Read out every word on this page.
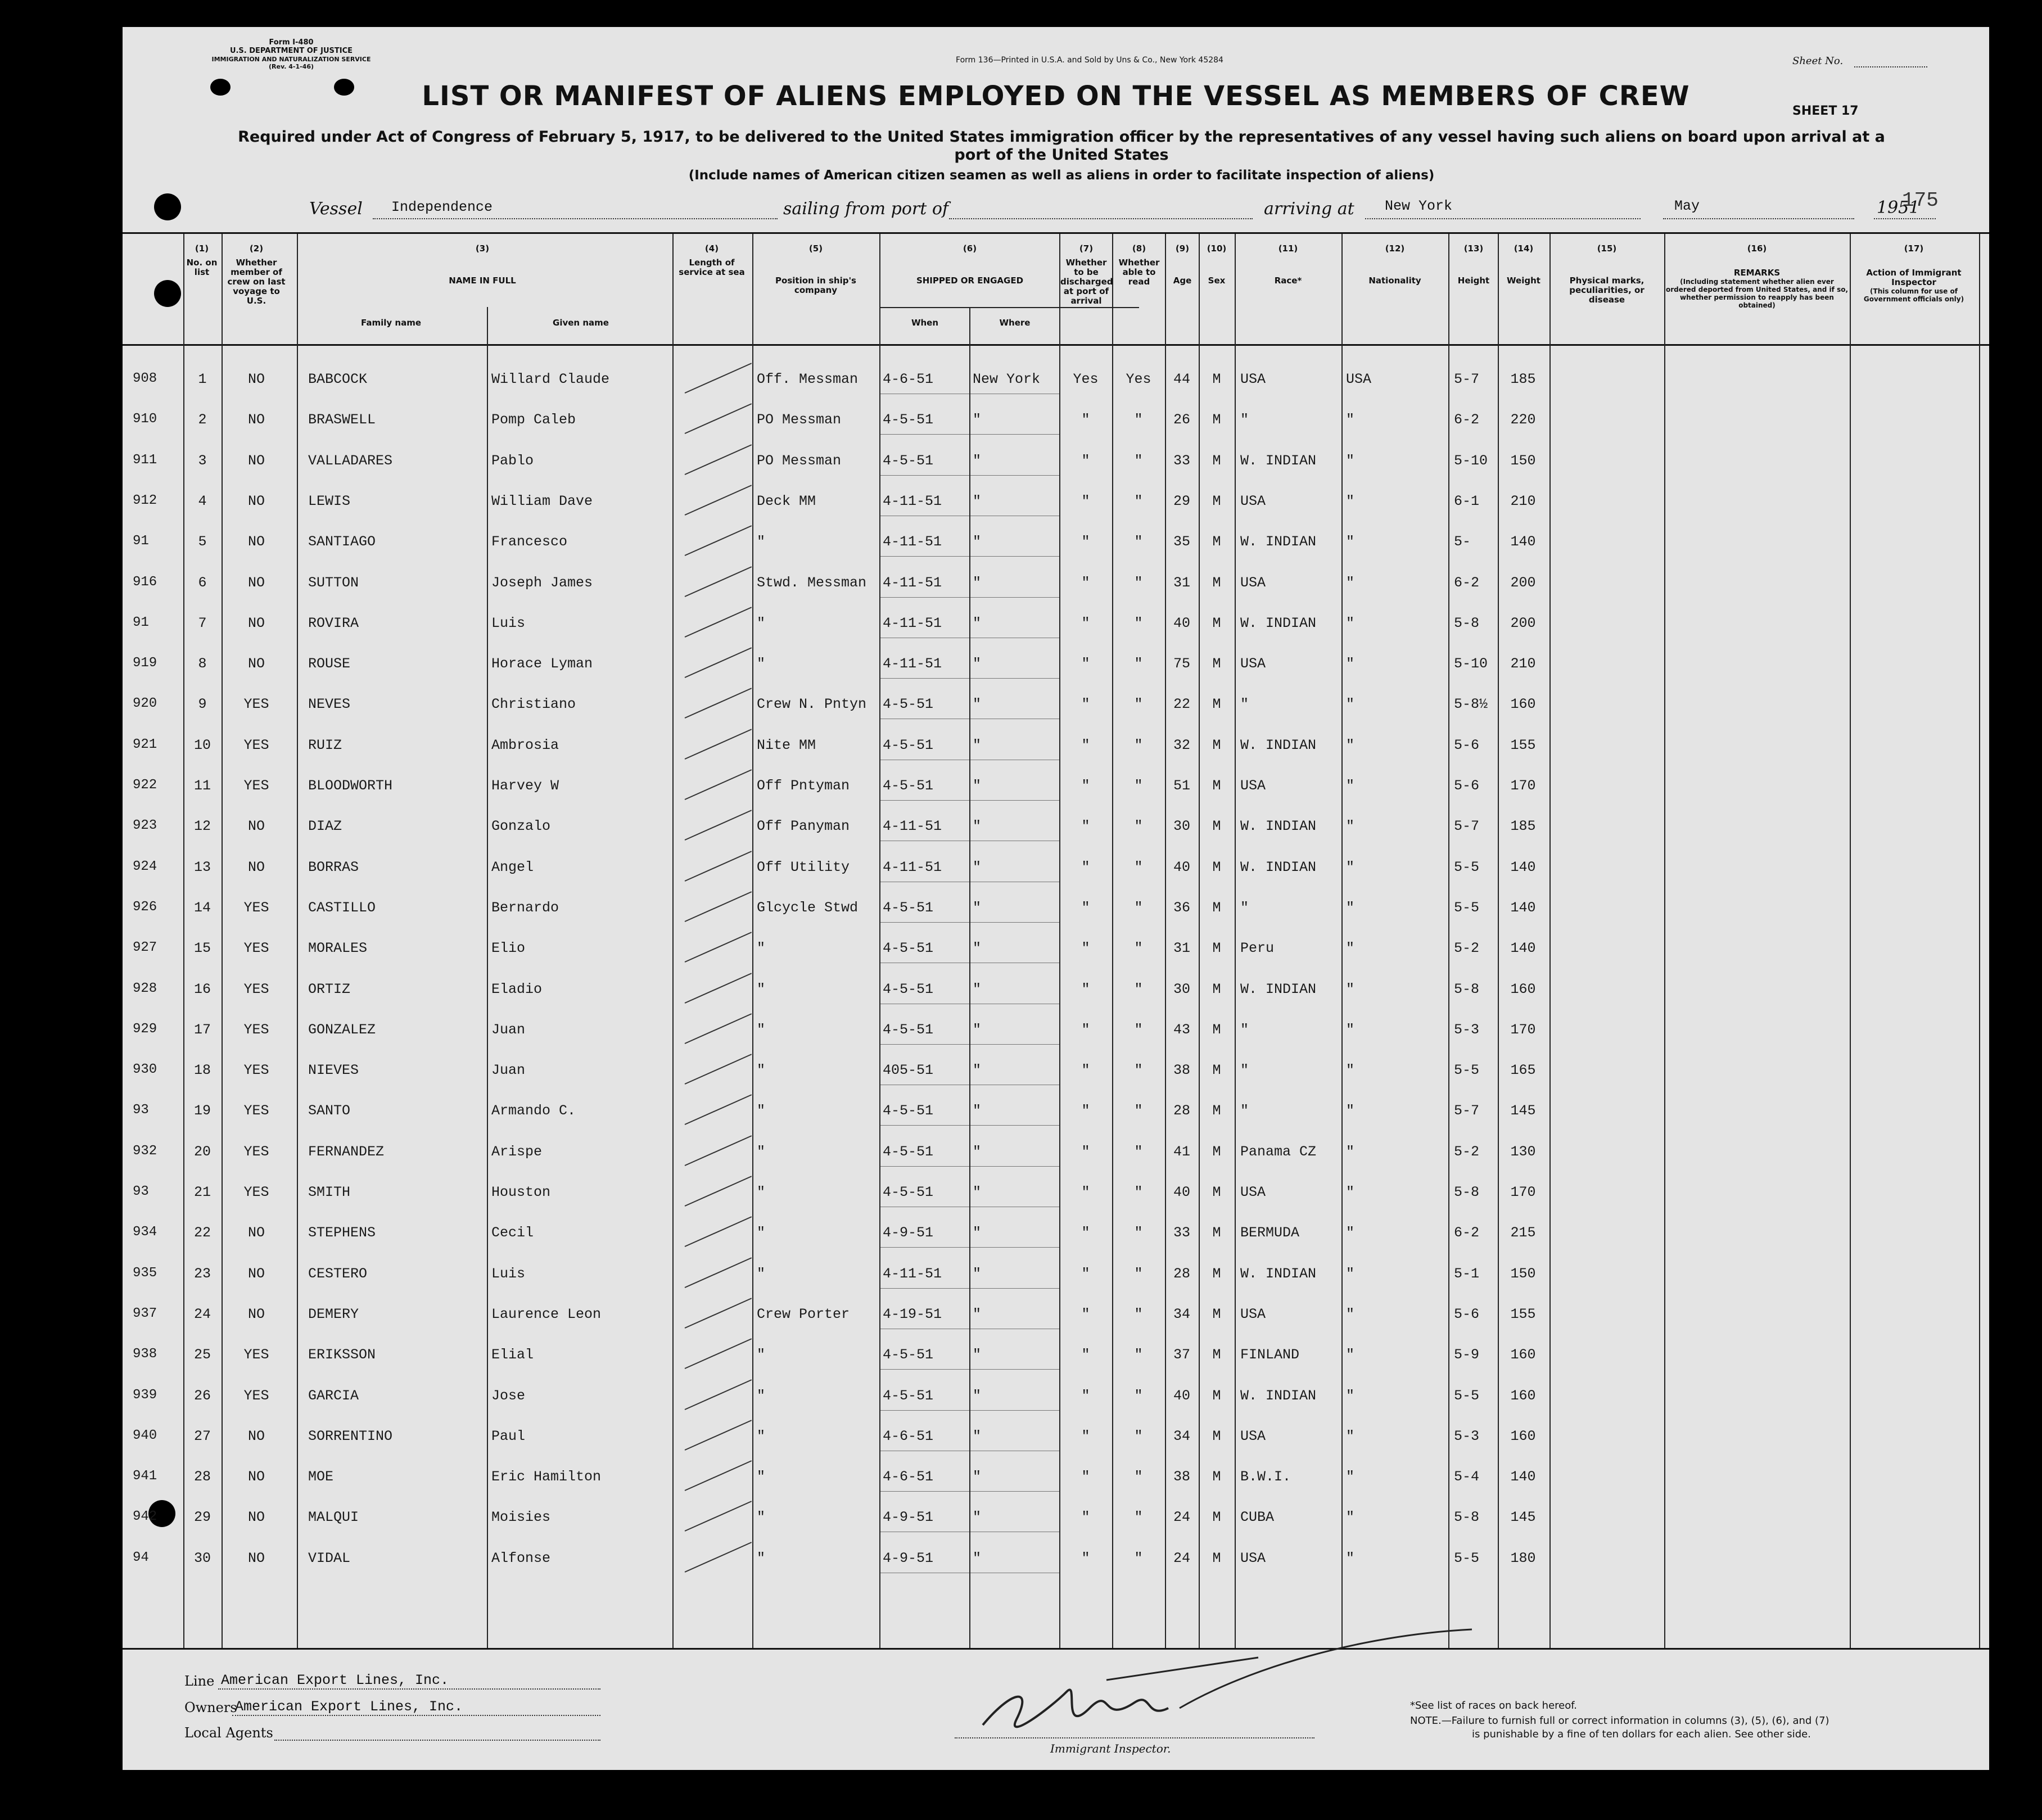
Form I-480
U.S. DEPARTMENT OF JUSTICE
IMMIGRATION AND NATURALIZATION SERVICE
(Rev. 4-1-46)
Form 136—Printed in U.S.A. and Sold by Uns & Co., New York 45284	Sheet No.
SHEET 17
175
LIST OR MANIFEST OF ALIENS EMPLOYED ON THE VESSEL AS MEMBERS OF CREW
Required under Act of Congress of February 5, 1917, to be delivered to the United States immigration officer by the representatives of any vessel having such aliens on board upon arrival at a
port of the United States
(Include names of American citizen seamen as well as aliens in order to facilitate inspection of aliens)
Vessel Independence	sailing from port of	arriving at New York	May	1951
(1)
No. on list
(2)
Whether member of crew on last voyage to U.S.
(3)
NAME IN FULL
Family name	Given name
(4)
Length of service at sea
(5)
Position in ship's company
(6)
SHIPPED OR ENGAGED
When	Where
(7)
Whether to be discharged at port of arrival
(8)
Whether able to read
(9)
Age
(10)
Sex
(11)
Race*
(12)
Nationality
(13)
Height
(14)
Weight
(15)
Physical marks, peculiarities, or disease
(16)
REMARKS
(Including statement whether alien ever ordered deported from United States, and if so, whether permission to reapply has been obtained)
(17)
Action of Immigrant Inspector
(This column for use of Government officials only)
908	1	NO	BABCOCK	Willard Claude	Off. Messman	4-6-51	New York	Yes	Yes	44	M	USA	USA	5-7	185
910	2	NO	BRASWELL	Pomp Caleb	PO Messman	4-5-51	"	"	"	26	M	"	"	6-2	220
911	3	NO	VALLADARES	Pablo	PO Messman	4-5-51	"	"	"	33	M	W. INDIAN	"	5-10	150
912	4	NO	LEWIS	William Dave	Deck MM	4-11-51	"	"	"	29	M	USA	"	6-1	210
91	5	NO	SANTIAGO	Francesco	"	4-11-51	"	"	"	35	M	W. INDIAN	"	5-	140
916	6	NO	SUTTON	Joseph James	Stwd. Messman	4-11-51	"	"	"	31	M	USA	"	6-2	200
91	7	NO	ROVIRA	Luis	"	4-11-51	"	"	"	40	M	W. INDIAN	"	5-8	200
919	8	NO	ROUSE	Horace Lyman	"	4-11-51	"	"	"	75	M	USA	"	5-10	210
920	9	YES	NEVES	Christiano	Crew N. Pntyn	4-5-51	"	"	"	22	M	"	"	5-8½	160
921	10	YES	RUIZ	Ambrosia	Nite MM	4-5-51	"	"	"	32	M	W. INDIAN	"	5-6	155
922	11	YES	BLOODWORTH	Harvey W	Off Pntyman	4-5-51	"	"	"	51	M	USA	"	5-6	170
923	12	NO	DIAZ	Gonzalo	Off Panyman	4-11-51	"	"	"	30	M	W. INDIAN	"	5-7	185
924	13	NO	BORRAS	Angel	Off Utility	4-11-51	"	"	"	40	M	W. INDIAN	"	5-5	140
926	14	YES	CASTILLO	Bernardo	Glcycle Stwd	4-5-51	"	"	"	36	M	"	"	5-5	140
927	15	YES	MORALES	Elio	"	4-5-51	"	"	"	31	M	Peru	"	5-2	140
928	16	YES	ORTIZ	Eladio	"	4-5-51	"	"	"	30	M	W. INDIAN	"	5-8	160
929	17	YES	GONZALEZ	Juan	"	4-5-51	"	"	"	43	M	"	"	5-3	170
930	18	YES	NIEVES	Juan	"	405-51	"	"	"	38	M	"	"	5-5	165
93	19	YES	SANTO	Armando C.	"	4-5-51	"	"	"	28	M	"	"	5-7	145
932	20	YES	FERNANDEZ	Arispe	"	4-5-51	"	"	"	41	M	Panama CZ	"	5-2	130
93	21	YES	SMITH	Houston	"	4-5-51	"	"	"	40	M	USA	"	5-8	170
934	22	NO	STEPHENS	Cecil	"	4-9-51	"	"	"	33	M	BERMUDA	"	6-2	215
935	23	NO	CESTERO	Luis	"	4-11-51	"	"	"	28	M	W. INDIAN	"	5-1	150
937	24	NO	DEMERY	Laurence Leon	Crew Porter	4-19-51	"	"	"	34	M	USA	"	5-6	155
938	25	YES	ERIKSSON	Elial	"	4-5-51	"	"	"	37	M	FINLAND	"	5-9	160
939	26	YES	GARCIA	Jose	"	4-5-51	"	"	"	40	M	W. INDIAN	"	5-5	160
940	27	NO	SORRENTINO	Paul	"	4-6-51	"	"	"	34	M	USA	"	5-3	160
941	28	NO	MOE	Eric Hamilton	"	4-6-51	"	"	"	38	M	B.W.I.	"	5-4	140
942	29	NO	MALQUI	Moisies	"	4-9-51	"	"	"	24	M	CUBA	"	5-8	145
94	30	NO	VIDAL	Alfonse	"	4-9-51	"	"	"	24	M	USA	"	5-5	180
Line American Export Lines, Inc.
Owners
American Export Lines, Inc.
Local Agents
Immigrant Inspector.
*See list of races on back hereof.
NOTE.—Failure to furnish full or correct information in columns (3), (5), (6), and (7)
is punishable by a fine of ten dollars for each alien. See other side.
